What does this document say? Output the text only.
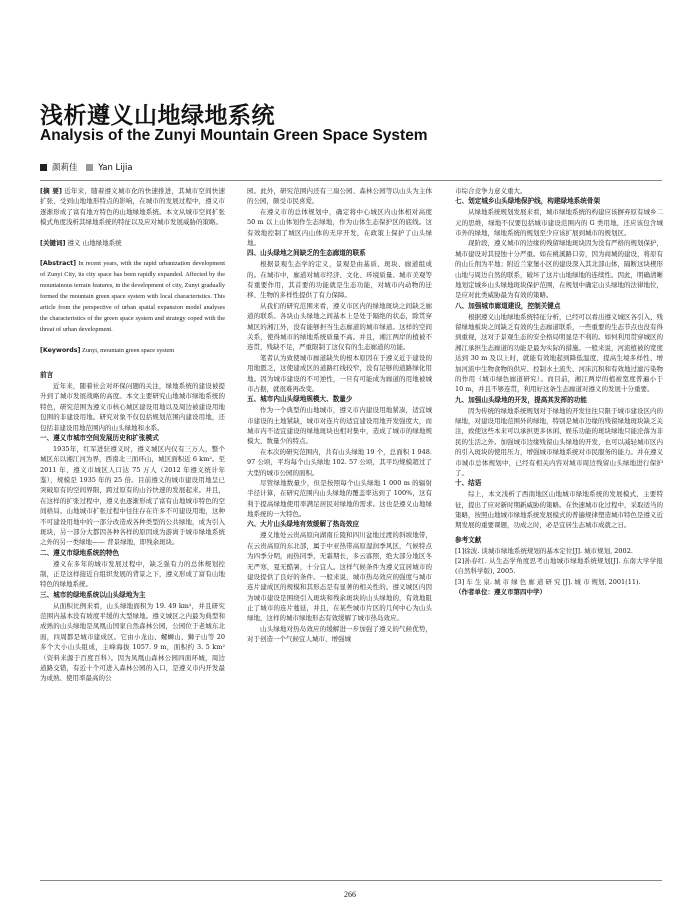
浅析遵义山地绿地系统
Analysis of the Zunyi Mountain Green Space System
颜莉佳 Yan Lijia

[摘 要] 近年来，随着遵义城市化的快速推进，其城市空间快速扩张，受到山地地形特点的影响，在城市的发展过程中，遵义市逐渐形成了富有地方特色的山地绿地系统。本文从城市空间扩张模式角度浅析其绿地系统的特征以及应对城市发展威胁的策略。

[关键词] 遵义 山地绿地系统

[Abstract] In recent years, with the rapid urbanization development of Zunyi City, its city space has been rapidly expanded. Affected by the mountainous terrain features, in the development of city, Zunyi gradually formed the mountain green space system with local characteristics. This article from the perspective of urban spatial expansion model analyses the characteristics of the green space system and strategy coped with the threat of urban development.

[Keywords] Zunyi, mountain green space system

前言

近年来，随着社会对环保问题的关注，绿地系统的建设被提升到了城市发展战略的高度。本文主要研究山地城市绿地系统的特色，研究范围为遵义市核心城区建设用地以及周边被建设用地包围的非建设用地。研究对象不仅包括规划范围内建设用地，还包括非建设用地范围内的山头绿地和水系。

一、遵义市城市空间发展历史和扩张模式

1935年，红军进驻遵义时，遵义城区内仅有三万人，整个城区东以湘江河为界，西南北三面环山，城区面积近 6 km²。至 2011 年，遵义市城区人口达 75 万人（2012 年遵义统计年鉴），规模是 1935 年的 25 倍。目前遵义的城市建设用地呈已突破原有的空间界限，跨过原有的山谷快速的发展起来。并且，在这样的扩张过程中，遵义也逐渐形成了富有山地城市特色的空间格局。山地城市扩张过程中往往存在许多不可建设用地，这种不可建设用地中的一部分改造成各种类型的公共绿地，成为引入斑块，另一部分大都因各种各样的原因成为游离于城市绿地系统之外的另一类绿地—— 背景绿地，即残余斑块。

二、遵义市绿地系统的特色

遵义在多年的城市发展过程中，缺乏强有力的总体规划控制，正是这样接近自组织发展的背景之下，遵义形成了富有山地特色的绿地系统。

三、城市的绿地系统以山头绿地为主

从面积比例来看，山头绿地面积为 19. 49 km²，并且研究范围内基本没有坡度平缓的大型绿地。遵义城区之内最为典型和成熟的山头绿地是凤凰山国家自然森林公园，公园位于老城东北面，四周都是城市建成区。它由小龙山、螺蛳山、狮子山等 20 多个大小山头组成，主峰海拔 1057. 9 m，面积约 3. 5 km²（资料来源于百度百科）。因为凤凰山森林公园四面环城，周边道路交错，有近十个可进入森林公园的入口，是遵义市内开发最为成熟、使用率最高的公

园。此外，研究范围内还有三扇公园、森林公园等以山头为主体的公园，颇受市民喜爱。

在遵义市的总体规划中，确定将中心城区内山体相对高度 50 m 以上山体划作生态绿地，作为山体生态保护区的底线。这有效地控制了城区内山体的无序开发，在政策上保护了山头绿地。

四、山头绿地之间缺乏的生态廊道的联系

根据景观生态学的定义，景观是由基质、斑块、廊道组成的。在城市中，廊道对城市经济、文化、环境质量、城市美观等有重要作用，其首要的功能就是生态功能，对城市内动物的迁移、生物的多样性提供了有力保障。

从我们的研究范围来看，遵义市区内的绿地斑块之间缺乏廊道的联系。各块山头绿地之间基本上是处于隔绝的状态，除贯穿城区的湘江外，没有能够担当生态廊道的城市绿道。这样的空间关系，使得城市的绿地系统质量不高。并且，湘江两岸的植被不连贯，残缺不足，严重限制了这仅有的生态廊道的功能。

笔者认为致使城市廊道缺失的根本原因在于遵义近于建设的用地匮乏，这使建成区的道路红线较窄，没有足够的道路绿化用地。因为城市建设的不可逆性，一旦有可能成为廊道的用地被城市占据，就很难再改变。

五、城市内山头绿地规模大、数量少

作为一个典型的山地城市，遵义市内建设用地紧凑，适宜城市建设的土地紧缺，城市对连片的适宜建设用地开发强度大，而城市内不适宜建设的绿地斑块也相对集中，造成了城市的绿地规模大、数量少的特点。

在本次的研究范围内，共有山头绿地 19 个，总面积 1 948. 97 公顷，平均每个山头绿地 102. 57 公顷，其平均规模超过了大型的城市公园的面积。

尽管绿地数量少，但是按照每个山头绿地 1 000 m 的辐射半径计算，在研究范围内山头绿地的覆盖率达到了 100%，这有利于提高绿地使用率满足居民对绿地的需求。这也是遵义山地绿地系统的一大特色。

六、大片山头绿地有效缓解了热岛效应

遵义地处云贵高原向湖南丘陵和四川盆地过渡的斜坡地带，在云贵高原的东北部，属于中亚热带高原湿润季风区，气候特点为四季分明，雨热同季，无霜期长，多云寡照，绝大部分地区冬无严寒，夏无酷暑，十分宜人。这样气候条件为遵义宜居城市的建设提供了良好的条件。一般来说，城市热岛效应的强度与城市连片建成区的规模和其形态是有显著的相关性的。遵义城区内因为城市建设是围绕引入斑块和残余斑块的山头绿地的，有效地阻止了城市的连片蔓延，并且，在某些城市片区的几何中心为山头绿地，这样的城市绿地形态有效缓解了城市热岛效应。

山头绿地对热岛效应的缓解进一步加强了遵义的气候优势，对于创造一个气候宜人城市、增强城

市综合竞争力意义重大。

七、划定城乡山头绿地保护线，构建绿地系统骨架

从绿地系统规划发展来看，城市绿地系统的构建应该摒弃原有城乡二元的思维，绿地不仅要包括城市建设范围内的 G 类用地，还应该包含城市外的绿地，绿地系统的规划至少应该扩展到城市的规划区。

现阶段，遵义城市的边缘的残留绿地斑块因为没有严格的规划保护，城市建设对其侵蚀十分严重。如在桃溪路口旁，因为商城的建设，将原有的山丘削为平地；附近兰家堡小区的建设深入其北部山体，隔断这块楔形山地与周边自然的联系，破坏了这片山地绿地的连续性。因此，明确清晰地划定城乡山头绿地斑块保护范围，在规划中确定山头绿地的法律地位，是应对此类威胁最为有效的策略。

八、加强城市廊道建设，控制关键点

根据遵义山地绿地系统特征分析，已经可以看出遵义城区各引入、残留绿地板块之间缺乏有效的生态廊道联系，一些重要的生态节点也没有得到重视，这对于景观生态的安全格局明显是不利的。如何利用贯穿城区的湘江承担生态廊道的功能是最为实际的措施。一般来说，河流植被的宽度达到 30 m 及以上时，就能有效地起到降低温度、提高生境多样性、增加河流中生物食物的供应、控制水土流失、河床沉积和有效地过滤污染物的作用（城市绿色廊道研究）。而目前，湘江两岸的植被宽度普遍小于 10 m，并且不够连贯，利用好这条生态廊道对遵义的发展十分重要。

九、加强山头绿地的开发，提高其发挥的功能

因为传统的绿地系统规划对于绿地的开发往往只限于城市建设区内的绿地，对建设用地范围外的绿地，特别是城市边缘的残留绿地斑块缺乏关注，致使这些本来可以承担更多休闲、娱乐功能的斑块绿地只能沦落为非民的生活之外。加强城市边缘残留山头绿地的开发，也可以减轻城市区内的引入斑块的使用压力，增强城市绿地系统对市民服务的能力。并在遵义市城市总体规划中，已经有相关内容对城市周边残留山头绿地进行保护了。

十、结语

综上，本文浅析了西南地区山地城市绿地系统的发展模式、主要特征，提出了应对新时期新威胁的策略。在快速城市化过程中，采取适当的策略，按照山地城市绿地系统发展模式的普遍规律塑造城市特色是遵义近期发展的重要课题，功成之时，必是宜居生态城市成就之日。

参考文献

[1]徐波. 谈城市绿地系统规划的基本定位[J]. 城市规划, 2002.

[2]孙春红. 从生态学角度思考山地城市绿地系统规划[J]. 东南大学学报(自然科学版), 2005.

[3] 车 生 泉. 城 市 绿 色 廊 道 研 究 [J]. 城 市 规划, 2001(11).

（作者单位：遵义市第四中学）

266
